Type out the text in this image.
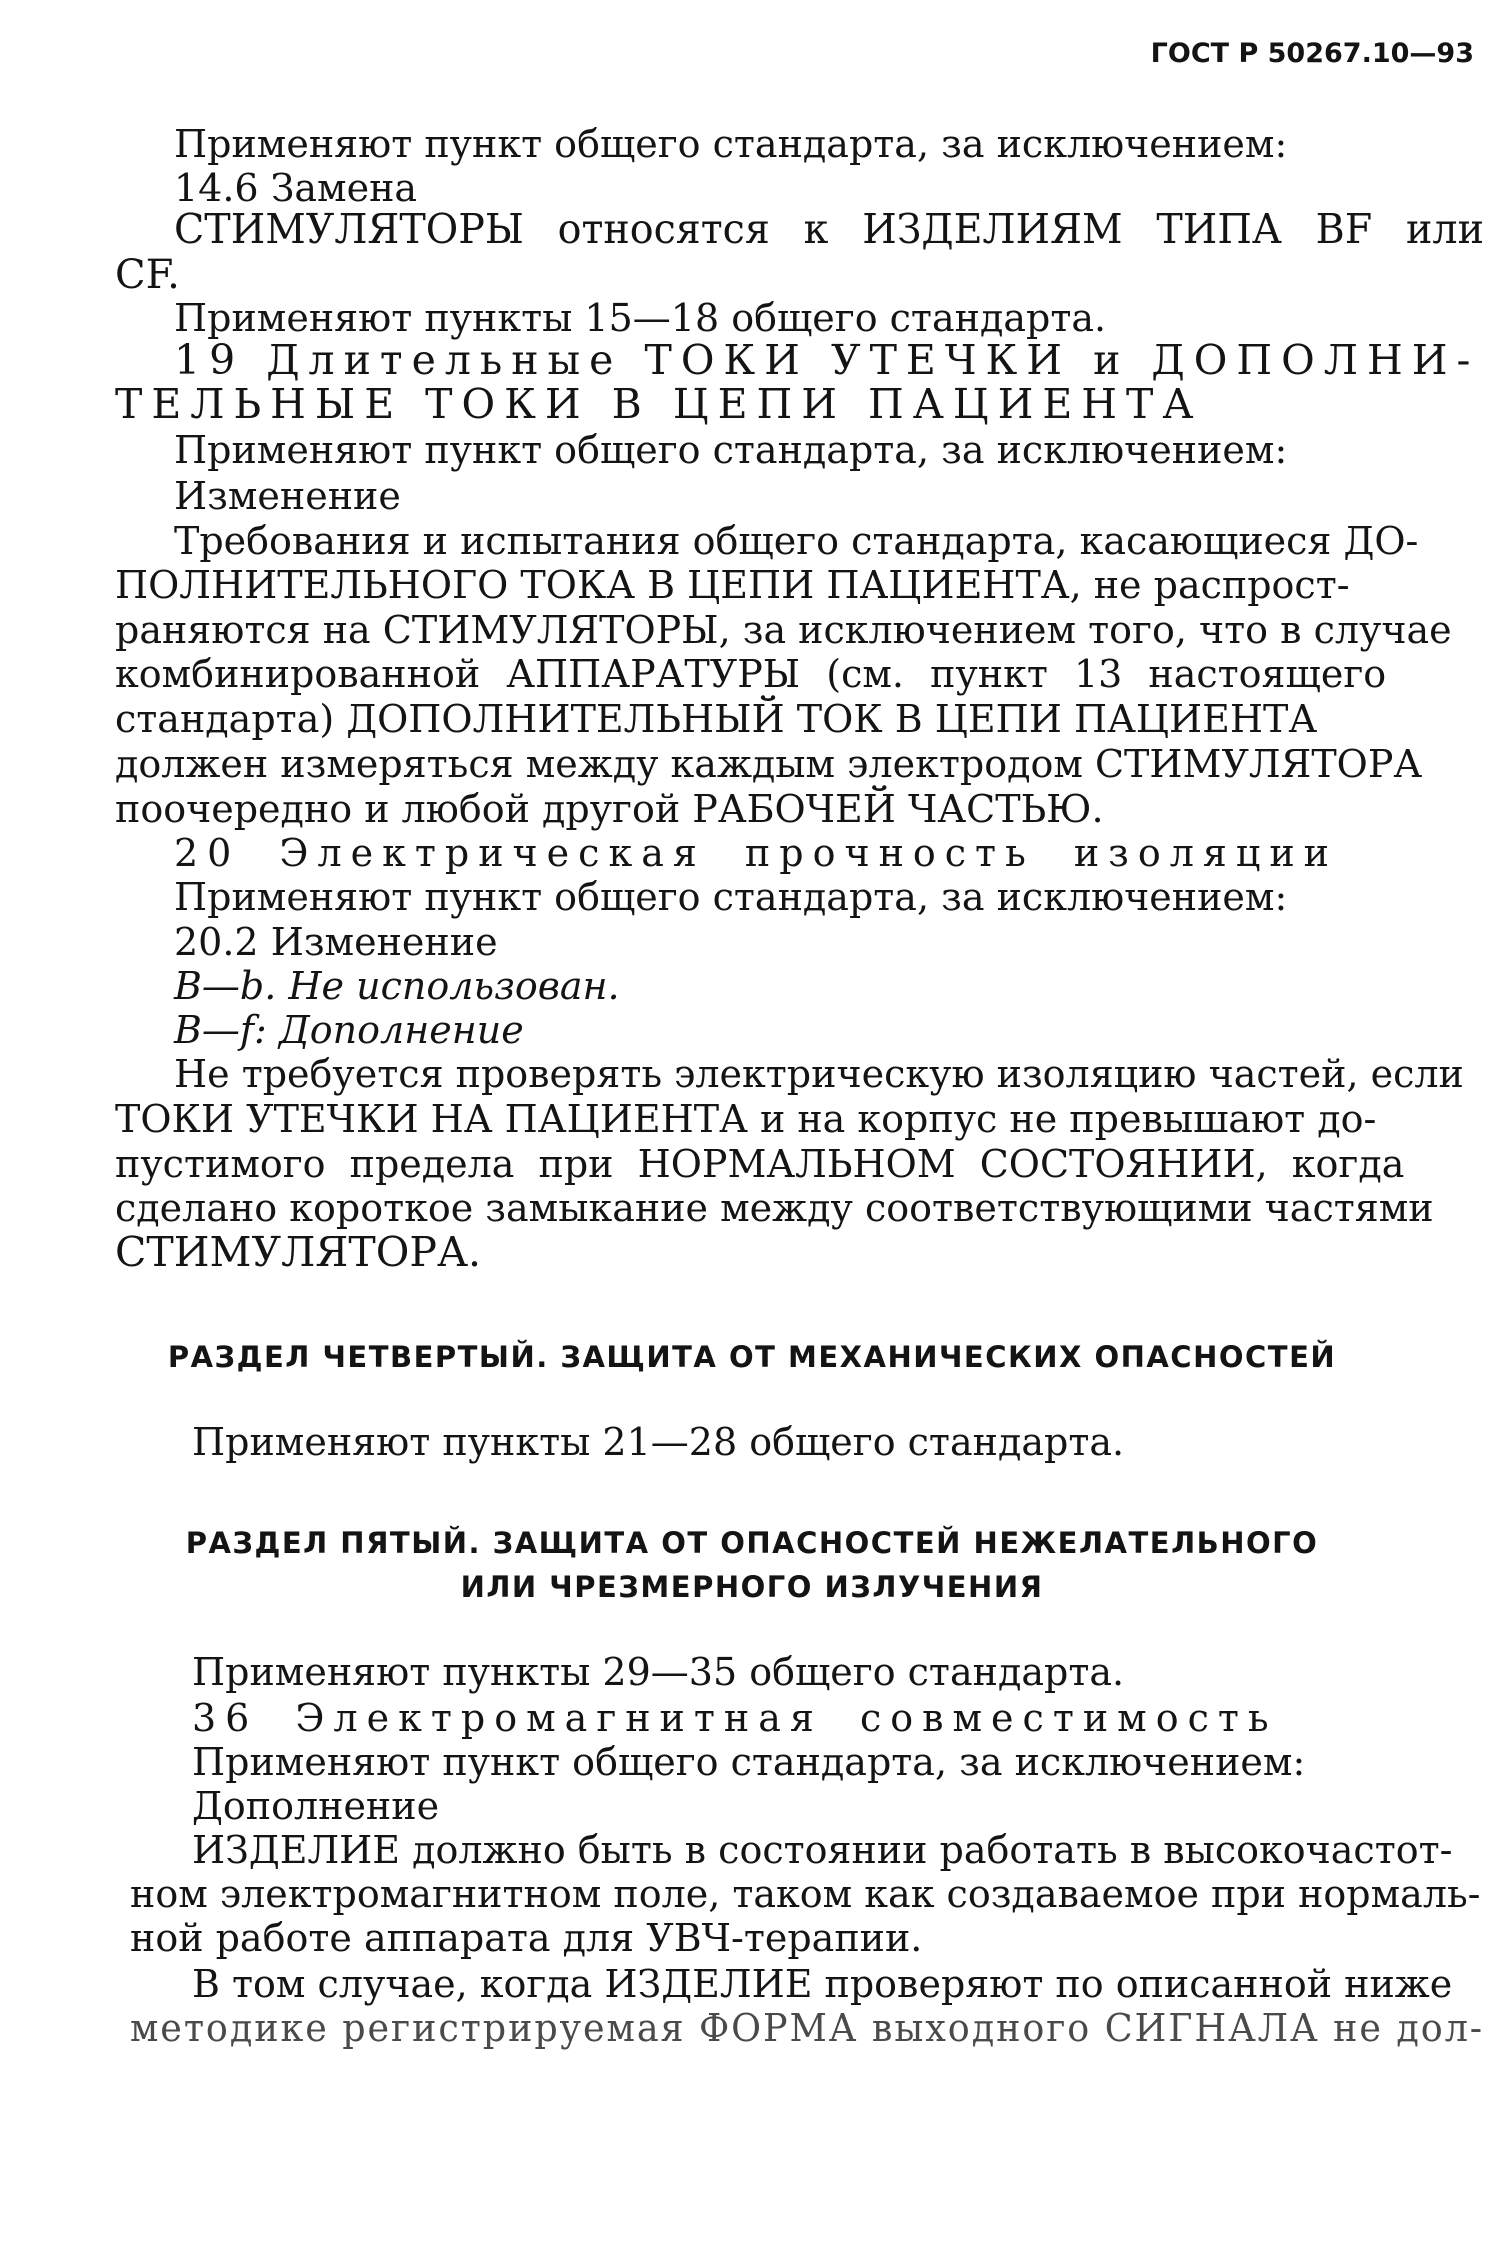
ГОСТ Р 50267.10—93
Применяют пункт общего стандарта, за исключением:
14.6 Замена
СТИМУЛЯТОРЫ относятся к ИЗДЕЛИЯМ ТИПА BF или
CF.
Применяют пункты 15—18 общего стандарта.
19 Длительные ТОКИ УТЕЧКИ и ДОПОЛНИ-
ТЕЛЬНЫЕ ТОКИ В ЦЕПИ ПАЦИЕНТА
Применяют пункт общего стандарта, за исключением:
Изменение
Требования и испытания общего стандарта, касающиеся ДО-
ПОЛНИТЕЛЬНОГО ТОКА В ЦЕПИ ПАЦИЕНТА, не распрост-
раняются на СТИМУЛЯТОРЫ, за исключением того, что в случае
комбинированной АППАРАТУРЫ (см. пункт 13 настоящего
стандарта) ДОПОЛНИТЕЛЬНЫЙ ТОК В ЦЕПИ ПАЦИЕНТА
должен измеряться между каждым электродом СТИМУЛЯТОРА
поочередно и любой другой РАБОЧЕЙ ЧАСТЬЮ.
20 Электрическая прочность изоляции
Применяют пункт общего стандарта, за исключением:
20.2 Изменение
B—b. Не использован.
B—f: Дополнение
Не требуется проверять электрическую изоляцию частей, если
ТОКИ УТЕЧКИ НА ПАЦИЕНТА и на корпус не превышают до-
пустимого предела при НОРМАЛЬНОМ СОСТОЯНИИ, когда
сделано короткое замыкание между соответствующими частями
СТИМУЛЯТОРА.
РАЗДЕЛ ЧЕТВЕРТЫЙ. ЗАЩИТА ОТ МЕХАНИЧЕСКИХ ОПАСНОСТЕЙ
Применяют пункты 21—28 общего стандарта.
РАЗДЕЛ ПЯТЫЙ. ЗАЩИТА ОТ ОПАСНОСТЕЙ НЕЖЕЛАТЕЛЬНОГО
ИЛИ ЧРЕЗМЕРНОГО ИЗЛУЧЕНИЯ
Применяют пункты 29—35 общего стандарта.
36 Электромагнитная совместимость
Применяют пункт общего стандарта, за исключением:
Дополнение
ИЗДЕЛИЕ должно быть в состоянии работать в высокочастот-
ном электромагнитном поле, таком как создаваемое при нормаль-
ной работе аппарата для УВЧ-терапии.
В том случае, когда ИЗДЕЛИЕ проверяют по описанной ниже
методике регистрируемая ФОРМА выходного СИГНАЛА не дол-
